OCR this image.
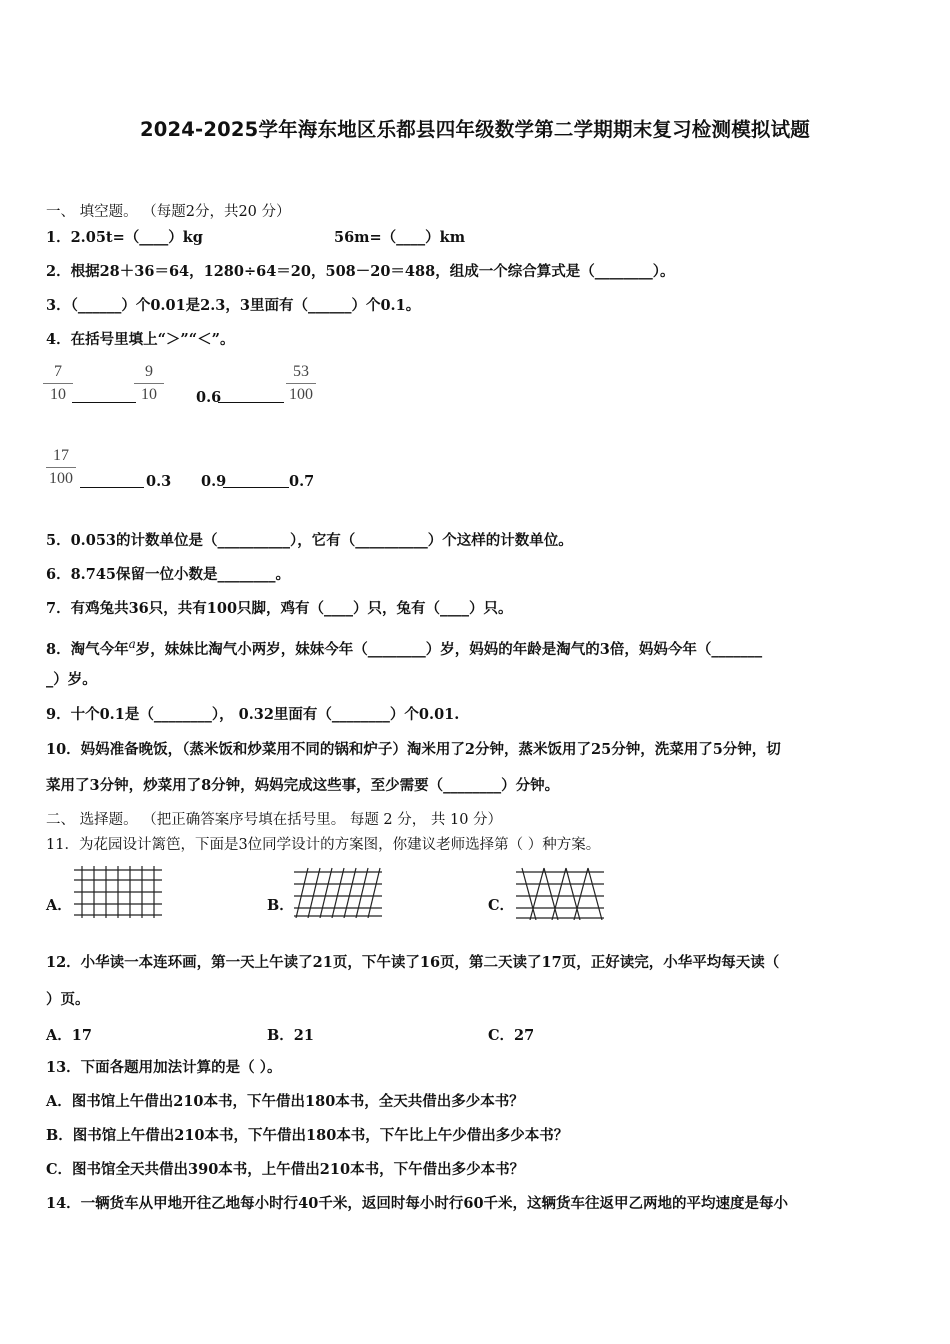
2024-2025学年海东地区乐都县四年级数学第二学期期末复习检测模拟试题
一、 填空题。 （每题2分，共20 分）
1．2.05t=（____）kg	56m=（____）km
2．根据28＋36＝64，1280÷64＝20，508－20＝488，组成一个综合算式是（________）。
3．（______）个0.01是2.3，3里面有（______）个0.1。
4．在括号里填上“＞”“＜”。
7
10
9
10	0.6
53
100
17
100	0.3 0.9	0.7
5．0.053的计数单位是（__________），它有（__________）个这样的计数单位。
6．8.745保留一位小数是________。
7．有鸡兔共36只，共有100只脚，鸡有（____）只，兔有（____）只。
8．淘气今年$^a$岁，妹妹比淘气小两岁，妹妹今年（________）岁，妈妈的年龄是淘气的3倍，妈妈今年（_______
_）岁。
9．十个0.1是（________）， 0.32里面有（________）个0.01.
10．妈妈准备晚饭，（蒸米饭和炒菜用不同的锅和炉子）淘米用了2分钟，蒸米饭用了25分钟，洗菜用了5分钟，切
菜用了3分钟，炒菜用了8分钟，妈妈完成这些事，至少需要（________）分钟。
二、 选择题。 （把正确答案序号填在括号里。 每题 2 分， 共 10 分）
11．为花园设计篱笆，下面是3位同学设计的方案图，你建议老师选择第（ ）种方案。
A．	B．	C．
12．小华读一本连环画，第一天上午读了21页，下午读了16页，第二天读了17页，正好读完，小华平均每天读（
）页。
A．17	B．21	C．27
13．下面各题用加法计算的是（ ）。
A．图书馆上午借出210本书，下午借出180本书，全天共借出多少本书？
B．图书馆上午借出210本书，下午借出180本书，下午比上午少借出多少本书？
C．图书馆全天共借出390本书，上午借出210本书，下午借出多少本书？
14．一辆货车从甲地开往乙地每小时行40千米，返回时每小时行60千米，这辆货车往返甲乙两地的平均速度是每小
